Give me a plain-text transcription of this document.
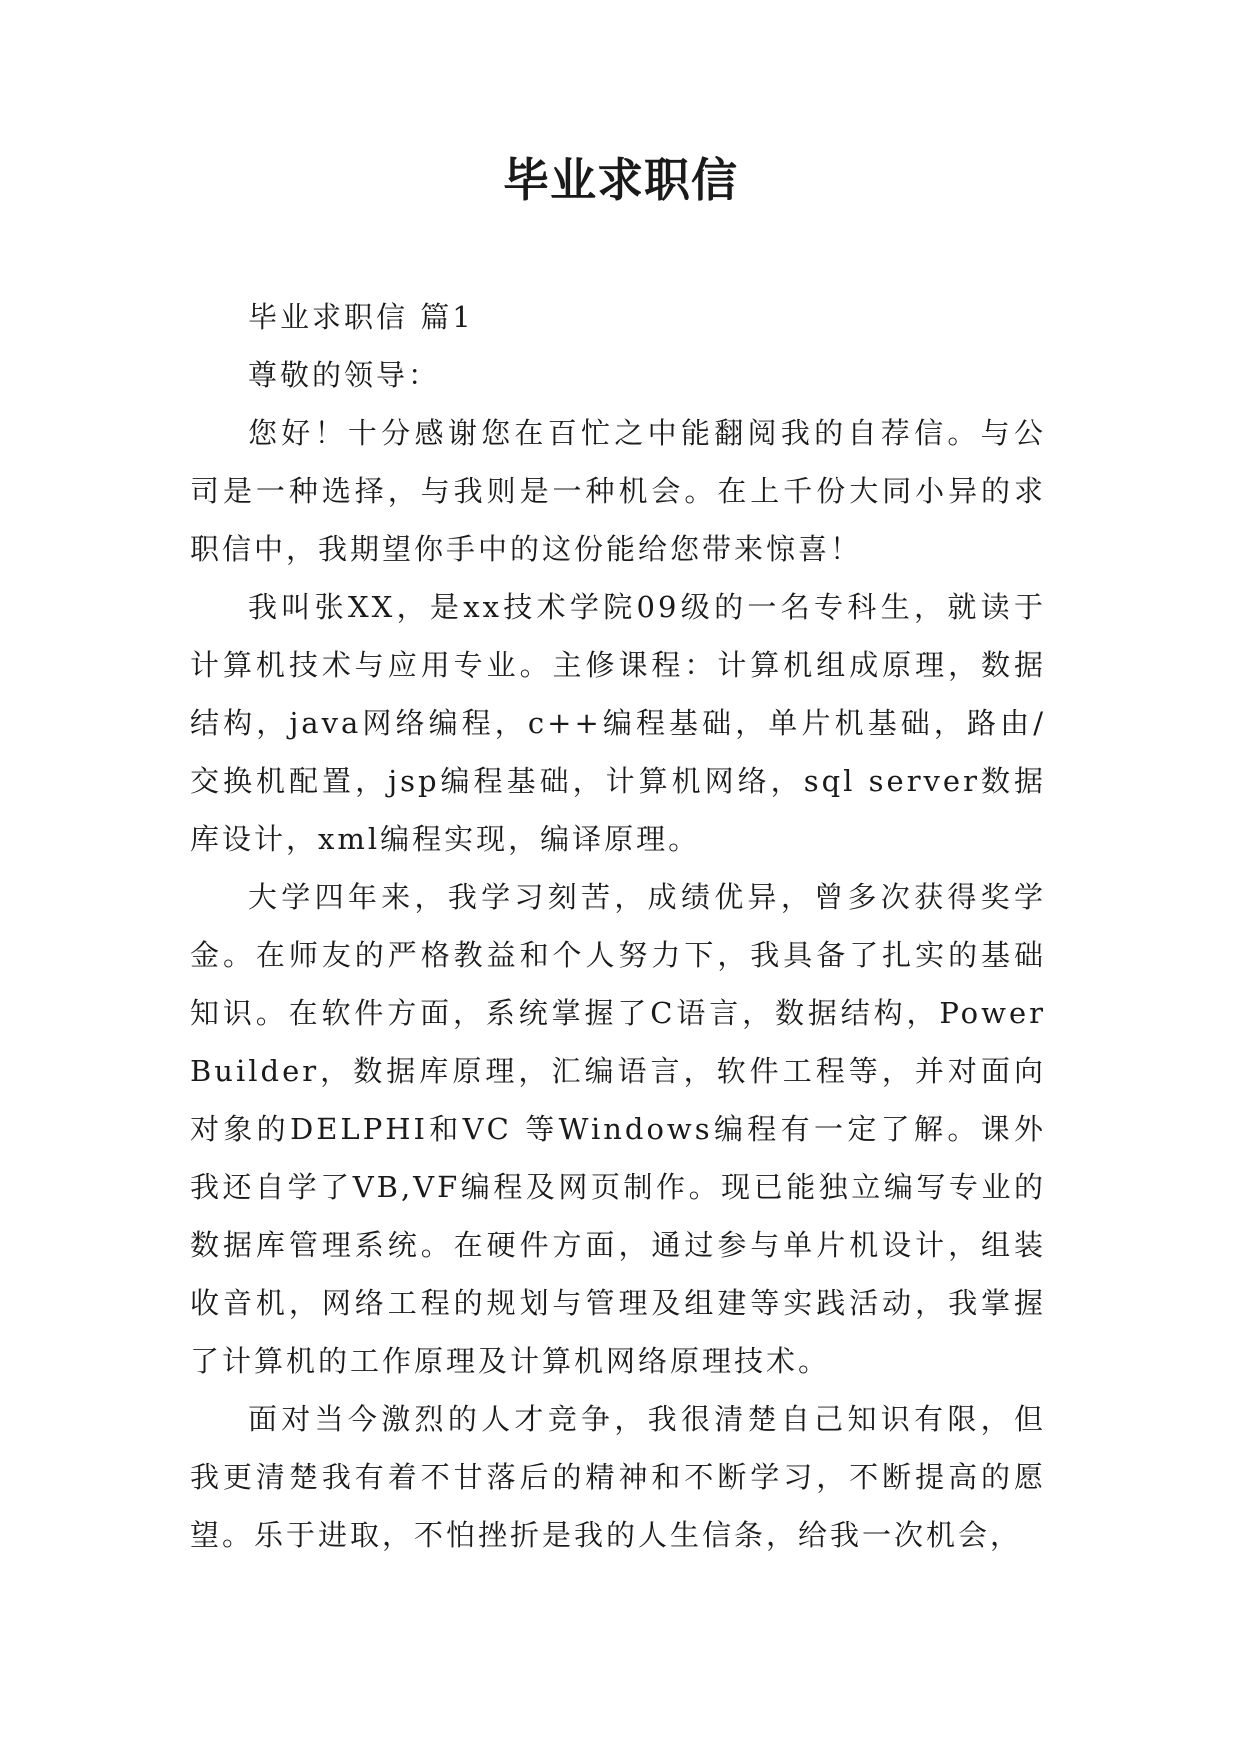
毕业求职信

毕业求职信 篇1

尊敬的领导：

您好！十分感谢您在百忙之中能翻阅我的自荐信。与公司是一种选择，与我则是一种机会。在上千份大同小异的求职信中，我期望你手中的这份能给您带来惊喜！

我叫张XX，是xx技术学院09级的一名专科生，就读于计算机技术与应用专业。主修课程：计算机组成原理，数据结构，java网络编程，c++编程基础，单片机基础，路由/交换机配置，jsp编程基础，计算机网络，sql server数据库设计，xml编程实现，编译原理。

大学四年来，我学习刻苦，成绩优异，曾多次获得奖学金。在师友的严格教益和个人努力下，我具备了扎实的基础知识。在软件方面，系统掌握了C语言，数据结构，Power Builder，数据库原理，汇编语言，软件工程等，并对面向对象的DELPHI和VC 等Windows编程有一定了解。课外我还自学了VB,VF编程及网页制作。现已能独立编写专业的数据库管理系统。在硬件方面，通过参与单片机设计，组装收音机，网络工程的规划与管理及组建等实践活动，我掌握了计算机的工作原理及计算机网络原理技术。

面对当今激烈的人才竞争，我很清楚自己知识有限，但我更清楚我有着不甘落后的精神和不断学习，不断提高的愿望。乐于进取，不怕挫折是我的人生信条，给我一次机会，
